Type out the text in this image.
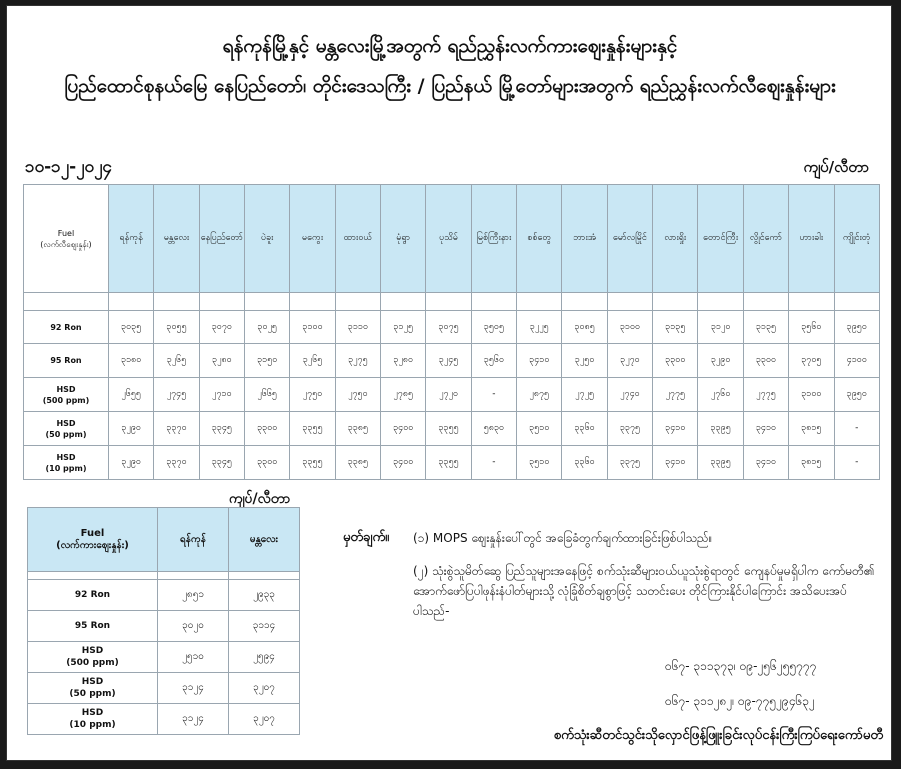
ရန်ကုန်မြို့နှင့် မန္တလေးမြို့အတွက် ရည်ညွှန်းလက်ကားဈေးနှုန်းများနှင့်
ပြည်ထောင်စုနယ်မြေ နေပြည်တော်၊ တိုင်းဒေသကြီး / ပြည်နယ် မြို့တော်များအတွက် ရည်ညွှန်းလက်လီဈေးနှုန်းများ
၁၀-၁၂-၂၀၂၄	ကျပ်/လီတာ
Fuel
(လက်လီဈေးနှုန်း)	ရန်ကုန်	မန္တလေး	နေပြည်တော်	ပဲခူး	မကွေး	ထားဝယ်	မုံရွာ	ပုသိမ်	မြစ်ကြီးနား	စစ်တွေ	ဘားအံ	မော်လမြိုင်	လားရှိုး	တောင်ကြီး	လွိုင်ကော်	ဟားခါး	ကျိုင်းတုံ

92 Ron	၃၀၃၅	၃၀၅၅	၃၀၇၀	၃၀၂၅	၃၁၀၀	၃၁၁၀	၃၁၂၅	၃၀၇၅	၃၅၀၅	၃၂၂၅	၃၀၈၅	၃၁၀၀	၃၁၃၅	၃၁၂၀	၃၁၃၅	၃၅၆၀	၃၉၅၀

95 Ron	၃၁၈၀	၃၂၆၅	၃၂၈၀	၃၁၅၀	၃၂၆၅	၃၂၇၅	၃၂၈၀	၃၂၄၅	၃၅၆၀	၃၄၁၀	၃၂၅၀	၃၂၇၀	၃၃၀၀	၃၂၉၀	၃၃၀၀	၃၇၀၅	၄၁၀၀

HSD
(500 ppm)	၂၆၅၅	၂၇၄၅	၂၇၁၀	၂၆၆၅	၂၇၅၀	၂၇၅၀	၂၇၈၅	၂၇၂၀	-	၂၈၇၅	၂၇၂၅	၂၇၄၀	၂၇၇၅	၂၇၆၀	၂၇၇၅	၃၁၀၀	၃၉၅၀

HSD
(50 ppm)	၃၂၉၀	၃၃၇၀	၃၃၄၅	၃၃၀၀	၃၃၅၅	၃၃၈၅	၃၄၀၀	၃၃၅၅	၅၈၃၀	၃၅၁၀	၃၃၆၀	၃၃၇၅	၃၄၁၀	၃၃၉၅	၃၄၁၀	၃၈၁၅	-

HSD
(10 ppm)	၃၂၉၀	၃၃၇၀	၃၃၄၅	၃၃၀၀	၃၃၅၅	၃၃၈၅	၃၄၀၀	၃၃၅၅	-	၃၅၁၀	၃၃၆၀	၃၃၇၅	၃၄၁၀	၃၃၉၅	၃၄၁၀	၃၈၁၅	-
ကျပ်/လီတာ
Fuel
(လက်ကားဈေးနှုန်း)	ရန်ကုန်	မန္တလေး

92 Ron	၂၈၅၁	၂၉၃၃

95 Ron	၃၀၂၀	၃၁၁၄

HSD
(500 ppm)	၂၅၁၀	၂၅၉၄

HSD
(50 ppm)	၃၁၂၄	၃၂၀၇

HSD
(10 ppm)	၃၁၂၄	၃၂၀၇
မှတ်ချက်။ (၁) MOPS ဈေးနှုန်းပေါ်တွင် အခြေခံတွက်ချက်ထားခြင်းဖြစ်ပါသည်။
(၂) သုံးစွဲသူမိတ်ဆွေ ပြည်သူများအနေဖြင့် စက်သုံးဆီများဝယ်ယူသုံးစွဲရာတွင် ကျေနပ်မှုမရှိပါက ကော်မတီ၏ အောက်ဖော်ပြပါဖုန်းနံပါတ်များသို့ လုံခြုံစိတ်ချစွာဖြင့် သတင်းပေး တိုင်ကြားနိုင်ပါကြောင်း အသိပေးအပ်ပါသည်-
၀၆၇- ၃၁၁၃၇၃၊ ၀၉-၂၅၆၂၅၅၇၇၇
၀၆၇- ၃၁၁၂၈၂၊ ၀၉-၇၇၅၂၉၄၆၃၂
စက်သုံးဆီတင်သွင်းသိုလှောင်ဖြန့်ဖြူးခြင်းလုပ်ငန်းကြီးကြပ်ရေးကော်မတီ
